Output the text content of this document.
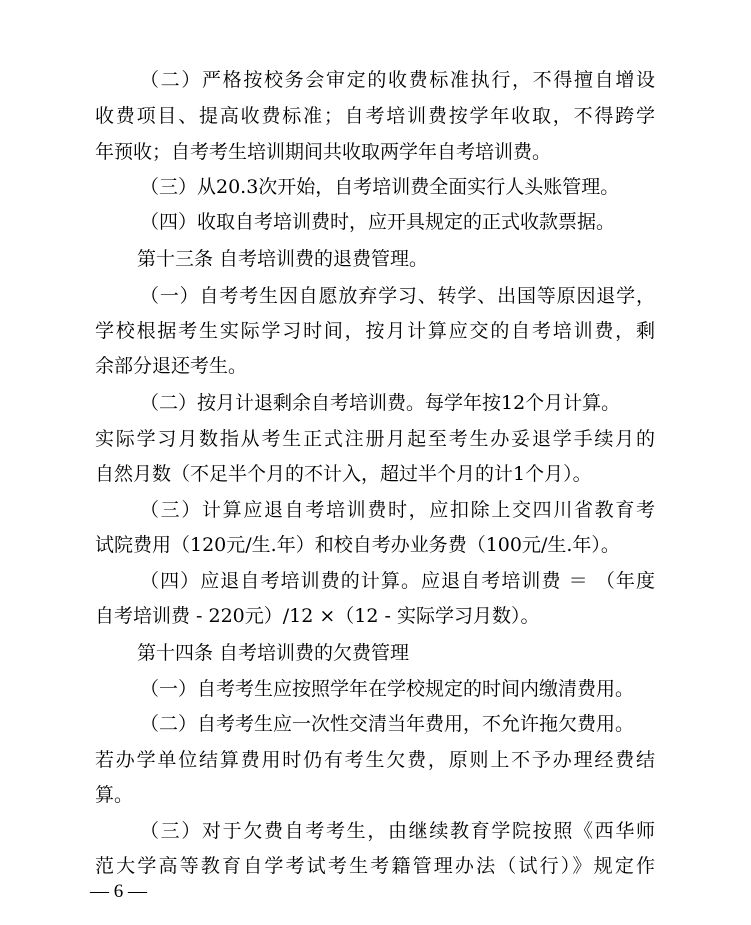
（二）严格按校务会审定的收费标准执行，不得擅自增设
收费项目、提高收费标准；自考培训费按学年收取，不得跨学
年预收；自考考生培训期间共收取两学年自考培训费。
（三）从20.3次开始，自考培训费全面实行人头账管理。
（四）收取自考培训费时，应开具规定的正式收款票据。
第十三条 自考培训费的退费管理。
（一）自考考生因自愿放弃学习、转学、出国等原因退学，
学校根据考生实际学习时间，按月计算应交的自考培训费，剩
余部分退还考生。
（二）按月计退剩余自考培训费。每学年按12个月计算。
实际学习月数指从考生正式注册月起至考生办妥退学手续月的
自然月数（不足半个月的不计入，超过半个月的计1个月）。
（三）计算应退自考培训费时，应扣除上交四川省教育考
试院费用（120元/生.年）和校自考办业务费（100元/生.年）。
（四）应退自考培训费的计算。应退自考培训费 ＝ （年度
自考培训费 - 220元）/12 ×（12 - 实际学习月数）。
第十四条 自考培训费的欠费管理
（一）自考考生应按照学年在学校规定的时间内缴清费用。
（二）自考考生应一次性交清当年费用，不允许拖欠费用。
若办学单位结算费用时仍有考生欠费，原则上不予办理经费结
算。
（三）对于欠费自考考生，由继续教育学院按照《西华师
范大学高等教育自学考试考生考籍管理办法（试行）》规定作
— 6 —
